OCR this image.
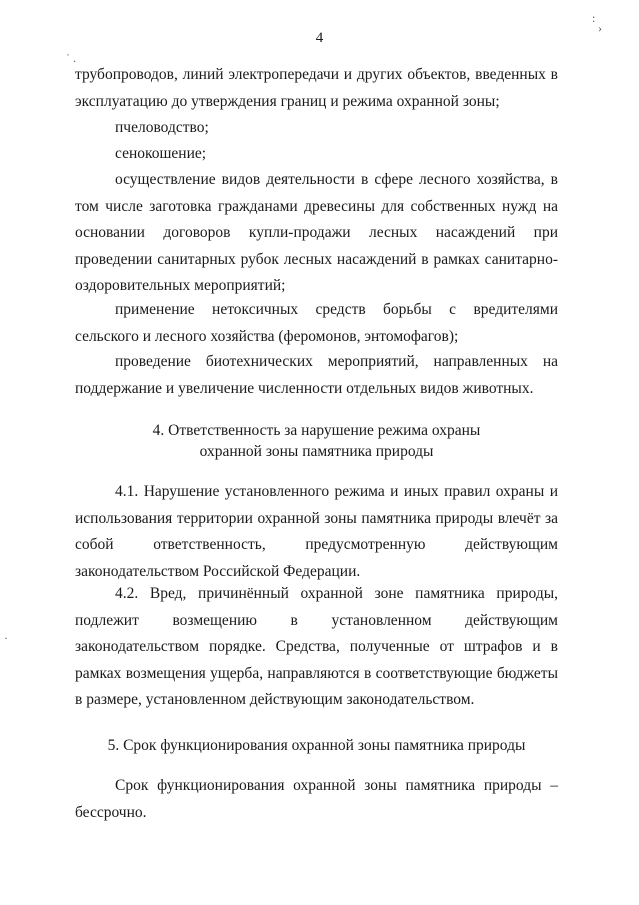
4
трубопроводов, линий электропередачи и других объектов, введенных в эксплуатацию до утверждения границ и режима охранной зоны;
пчеловодство;
сенокошение;
осуществление видов деятельности в сфере лесного хозяйства, в том числе заготовка гражданами древесины для собственных нужд на основании договоров купли-продажи лесных насаждений при проведении санитарных рубок лесных насаждений в рамках санитарно-оздоровительных мероприятий;
применение нетоксичных средств борьбы с вредителями сельского и лесного хозяйства (феромонов, энтомофагов);
проведение биотехнических мероприятий, направленных на поддержание и увеличение численности отдельных видов животных.
4. Ответственность за нарушение режима охраны
охранной зоны памятника природы
4.1. Нарушение установленного режима и иных правил охраны и использования территории охранной зоны памятника природы влечёт за собой ответственность, предусмотренную действующим законодательством Российской Федерации.
4.2. Вред, причинённый охранной зоне памятника природы, подлежит возмещению в установленном действующим законодательством порядке. Средства, полученные от штрафов и в рамках возмещения ущерба, направляются в соответствующие бюджеты в размере, установленном действующим законодательством.
5. Срок функционирования охранной зоны памятника природы
Срок функционирования охранной зоны памятника природы – бессрочно.
:
›
˙ .
·
